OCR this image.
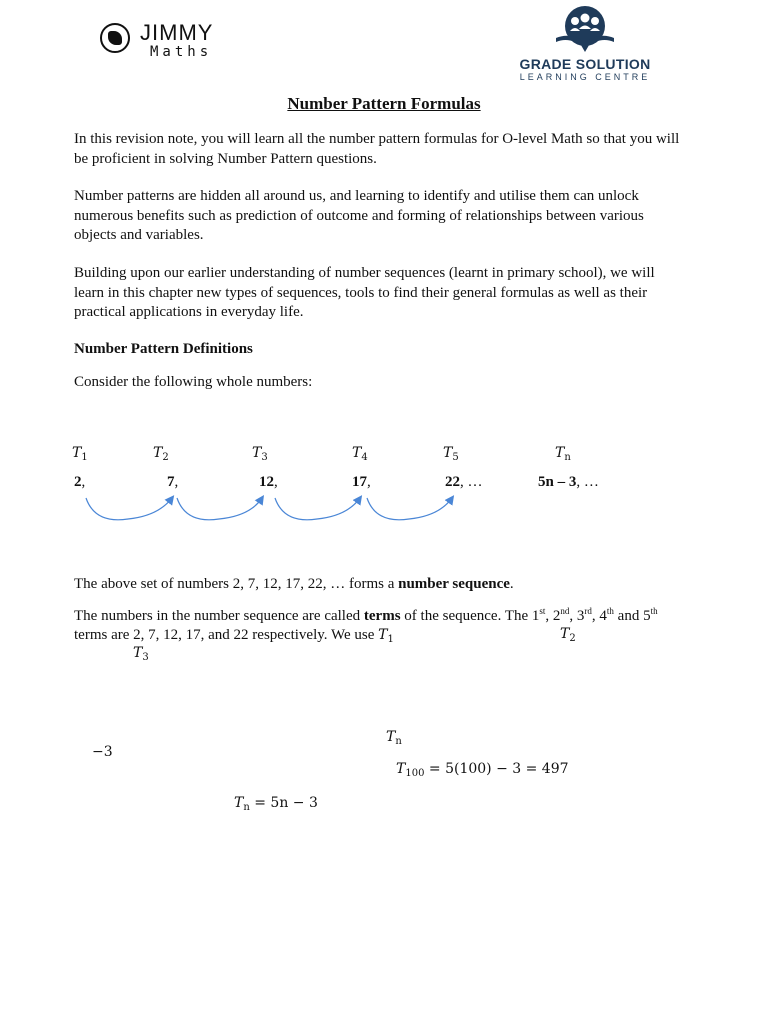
JIMMY
Maths
GRADE SOLUTION
LEARNING CENTRE
Number Pattern Formulas
In this revision note, you will learn all the number pattern formulas for O-level Math so that you will be proficient in solving Number Pattern questions.
Number patterns are hidden all around us, and learning to identify and utilise them can unlock numerous benefits such as prediction of outcome and forming of relationships between various objects and variables.
Building upon our earlier understanding of number sequences (learnt in primary school), we will learn in this chapter new types of sequences, tools to find their general formulas as well as their practical applications in everyday life.
Number Pattern Definitions
Consider the following whole numbers:
$T_1$	$T_2$	$T_3$	$T_4$	$T_5$	$T_n$
2,	7,	12,	17,	22, …	5n – 3, …
The above set of numbers 2, 7, 12, 17, 22, … forms a number sequence.
The numbers in the number sequence are called terms of the sequence. The 1st, 2nd, 3rd, 4th and 5th
terms are 2, 7, 12, 17, and 22 respectively. We use $T_1$	$T_2$
$T_3$
$T_n$
−3
$T_{100} = 5(100) - 3 = 497$
$T_n = 5n - 3$
